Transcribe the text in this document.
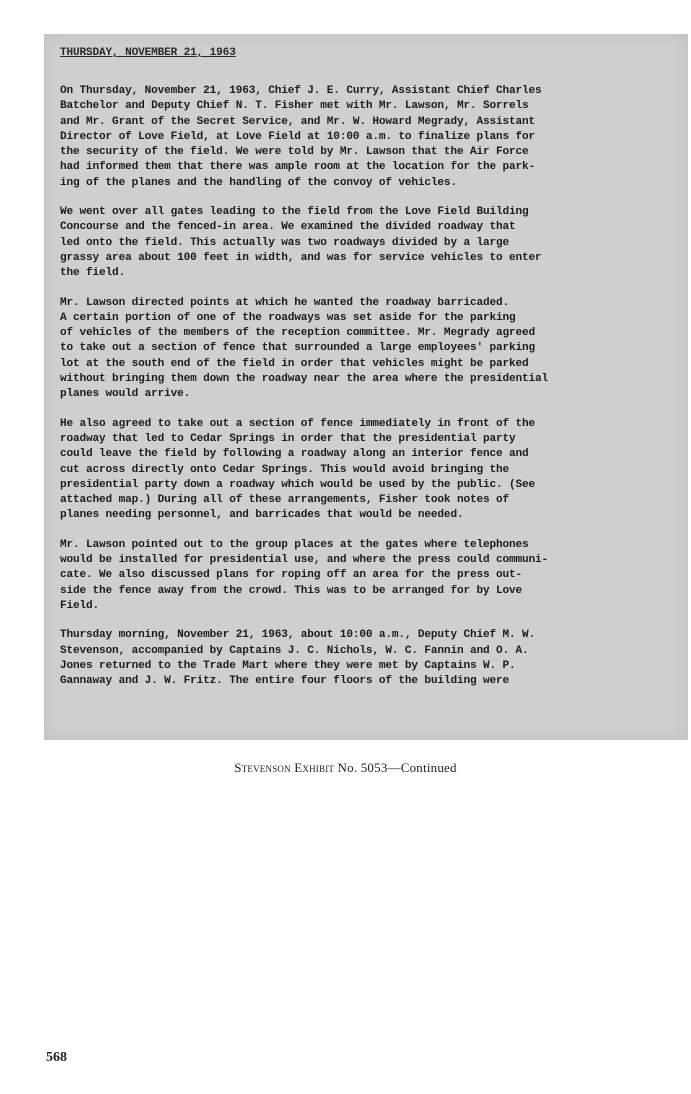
THURSDAY, NOVEMBER 21, 1963

On Thursday, November 21, 1963, Chief J. E. Curry, Assistant Chief Charles
Batchelor and Deputy Chief N. T. Fisher met with Mr. Lawson, Mr. Sorrels
and Mr. Grant of the Secret Service, and Mr. W. Howard Megrady, Assistant
Director of Love Field, at Love Field at 10:00 a.m. to finalize plans for
the security of the field. We were told by Mr. Lawson that the Air Force
had informed them that there was ample room at the location for the park-
ing of the planes and the handling of the convoy of vehicles.

We went over all gates leading to the field from the Love Field Building
Concourse and the fenced-in area. We examined the divided roadway that
led onto the field. This actually was two roadways divided by a large
grassy area about 100 feet in width, and was for service vehicles to enter
the field.

Mr. Lawson directed points at which he wanted the roadway barricaded.
A certain portion of one of the roadways was set aside for the parking
of vehicles of the members of the reception committee. Mr. Megrady agreed
to take out a section of fence that surrounded a large employees' parking
lot at the south end of the field in order that vehicles might be parked
without bringing them down the roadway near the area where the presidential
planes would arrive.

He also agreed to take out a section of fence immediately in front of the
roadway that led to Cedar Springs in order that the presidential party
could leave the field by following a roadway along an interior fence and
cut across directly onto Cedar Springs. This would avoid bringing the
presidential party down a roadway which would be used by the public. (See
attached map.) During all of these arrangements, Fisher took notes of
planes needing personnel, and barricades that would be needed.

Mr. Lawson pointed out to the group places at the gates where telephones
would be installed for presidential use, and where the press could communi-
cate. We also discussed plans for roping off an area for the press out-
side the fence away from the crowd. This was to be arranged for by Love
Field.

Thursday morning, November 21, 1963, about 10:00 a.m., Deputy Chief M. W.
Stevenson, accompanied by Captains J. C. Nichols, W. C. Fannin and O. A.
Jones returned to the Trade Mart where they were met by Captains W. P.
Gannaway and J. W. Fritz. The entire four floors of the building were

Stevenson Exhibit No. 5053—Continued
568
